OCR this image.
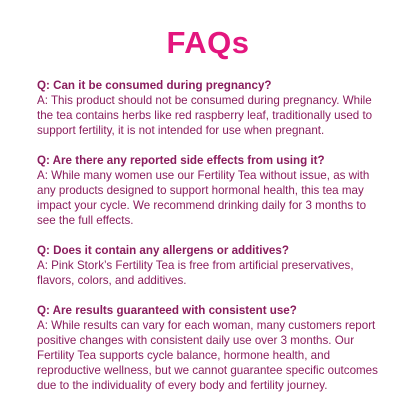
FAQs
Q: Can it be consumed during pregnancy?
A: This product should not be consumed during pregnancy. While the tea contains herbs like red raspberry leaf, traditionally used to support fertility, it is not intended for use when pregnant.
Q: Are there any reported side effects from using it?
A: While many women use our Fertility Tea without issue, as with any products designed to support hormonal health, this tea may impact your cycle. We recommend drinking daily for 3 months to see the full effects.
Q: Does it contain any allergens or additives?
A: Pink Stork’s Fertility Tea is free from artificial preservatives, flavors, colors, and additives.
Q: Are results guaranteed with consistent use?
A: While results can vary for each woman, many customers report positive changes with consistent daily use over 3 months. Our Fertility Tea supports cycle balance, hormone health, and reproductive wellness, but we cannot guarantee specific outcomes due to the individuality of every body and fertility journey.
